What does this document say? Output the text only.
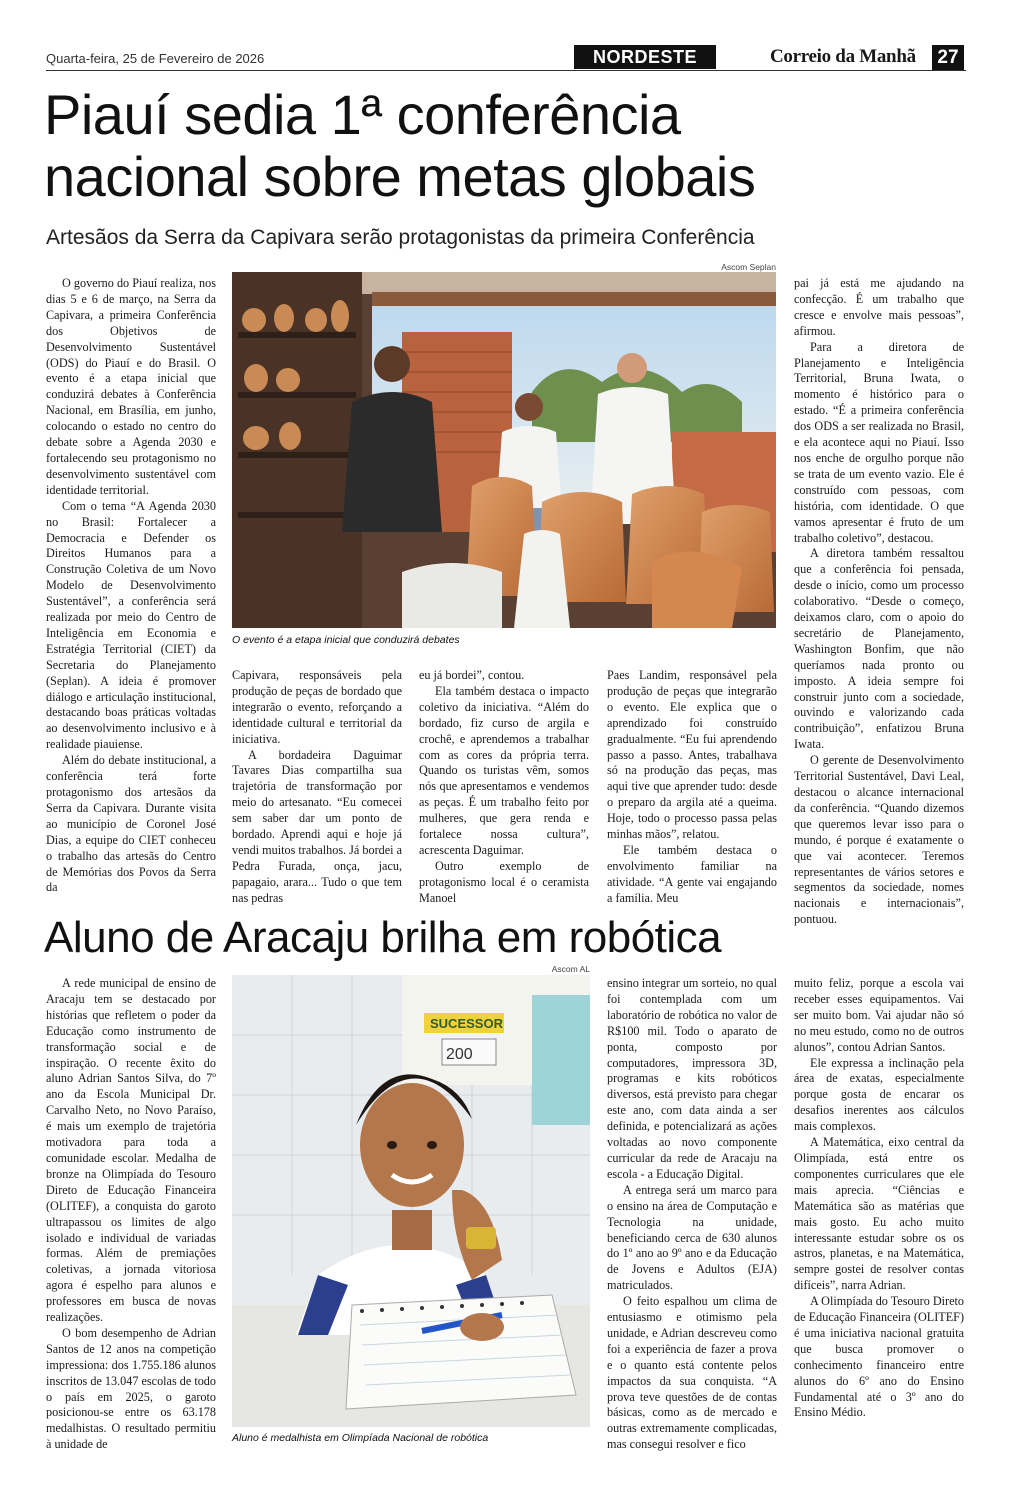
Quarta-feira, 25 de Fevereiro de 2026	NORDESTE	Correio da Manhã 27
Piauí sedia 1ª conferência
nacional sobre metas globais
Artesãos da Serra da Capivara serão protagonistas da primeira Conferência

O governo do Piauí realiza, nos dias 5 e 6 de março, na Serra da Capivara, a primeira Conferência dos Objetivos de Desenvolvimento Sustentável (ODS) do Piauí e do Brasil. O evento é a etapa inicial que conduzirá debates à Conferência Nacional, em Brasília, em junho, colocando o estado no centro do debate sobre a Agenda 2030 e fortalecendo seu protagonismo no desenvolvimento sustentável com identidade territorial.

Com o tema “A Agenda 2030 no Brasil: Fortalecer a Democracia e Defender os Direitos Humanos para a Construção Coletiva de um Novo Modelo de Desenvolvimento Sustentável”, a conferência será realizada por meio do Centro de Inteligência em Economia e Estratégia Territorial (CIET) da Secretaria do Planejamento (Seplan). A ideia é promover diálogo e articulação institucional, destacando boas práticas voltadas ao desenvolvimento inclusivo e à realidade piauiense.

Além do debate institucional, a conferência terá forte protagonismo dos artesãos da Serra da Capivara. Durante visita ao município de Coronel José Dias, a equipe do CIET conheceu o trabalho das artesãs do Centro de Memórias dos Povos da Serra da

Ascom Seplan
O evento é a etapa inicial que conduzirá debates

Capivara, responsáveis pela produção de peças de bordado que integrarão o evento, reforçando a identidade cultural e territorial da iniciativa.

A bordadeira Daguimar Tavares Dias compartilha sua trajetória de transformação por meio do artesanato. “Eu comecei sem saber dar um ponto de bordado. Aprendi aqui e hoje já vendi muitos trabalhos. Já bordei a Pedra Furada, onça, jacu, papagaio, arara... Tudo o que tem nas pedras

eu já bordei”, contou.

Ela também destaca o impacto coletivo da iniciativa. “Além do bordado, fiz curso de argila e crochê, e aprendemos a trabalhar com as cores da própria terra. Quando os turistas vêm, somos nós que apresentamos e vendemos as peças. É um trabalho feito por mulheres, que gera renda e fortalece nossa cultura”, acrescenta Daguimar.

Outro exemplo de protagonismo local é o ceramista Manoel

Paes Landim, responsável pela produção de peças que integrarão o evento. Ele explica que o aprendizado foi construído gradualmente. “Eu fui aprendendo passo a passo. Antes, trabalhava só na produção das peças, mas aqui tive que aprender tudo: desde o preparo da argila até a queima. Hoje, todo o processo passa pelas minhas mãos”, relatou.

Ele também destaca o envolvimento familiar na atividade. “A gente vai engajando a família. Meu

pai já está me ajudando na confecção. É um trabalho que cresce e envolve mais pessoas”, afirmou.

Para a diretora de Planejamento e Inteligência Territorial, Bruna Iwata, o momento é histórico para o estado. “É a primeira conferência dos ODS a ser realizada no Brasil, e ela acontece aqui no Piauí. Isso nos enche de orgulho porque não se trata de um evento vazio. Ele é construído com pessoas, com história, com identidade. O que vamos apresentar é fruto de um trabalho coletivo”, destacou.

A diretora também ressaltou que a conferência foi pensada, desde o início, como um processo colaborativo. “Desde o começo, deixamos claro, com o apoio do secretário de Planejamento, Washington Bonfim, que não queríamos nada pronto ou imposto. A ideia sempre foi construir junto com a sociedade, ouvindo e valorizando cada contribuição”, enfatizou Bruna Iwata.

O gerente de Desenvolvimento Territorial Sustentável, Davi Leal, destacou o alcance internacional da conferência. “Quando dizemos que queremos levar isso para o mundo, é porque é exatamente o que vai acontecer. Teremos representantes de vários setores e segmentos da sociedade, nomes nacionais e internacionais”, pontuou.

Aluno de Aracaju brilha em robótica

A rede municipal de ensino de Aracaju tem se destacado por histórias que refletem o poder da Educação como instrumento de transformação social e de inspiração. O recente êxito do aluno Adrian Santos Silva, do 7º ano da Escola Municipal Dr. Carvalho Neto, no Novo Paraíso, é mais um exemplo de trajetória motivadora para toda a comunidade escolar. Medalha de bronze na Olimpíada do Tesouro Direto de Educação Financeira (OLITEF), a conquista do garoto ultrapassou os limites de algo isolado e individual de variadas formas. Além de premiações coletivas, a jornada vitoriosa agora é espelho para alunos e professores em busca de novas realizações.

O bom desempenho de Adrian Santos de 12 anos na competição impressiona: dos 1.755.186 alunos inscritos de 13.047 escolas de todo o país em 2025, o garoto posicionou-se entre os 63.178 medalhistas. O resultado permitiu à unidade de

Ascom AL
SUCESSOR
200
Aluno é medalhista em Olimpíada Nacional de robótica

ensino integrar um sorteio, no qual foi contemplada com um laboratório de robótica no valor de R$100 mil. Todo o aparato de ponta, composto por computadores, impressora 3D, programas e kits robóticos diversos, está previsto para chegar este ano, com data ainda a ser definida, e potencializará as ações voltadas ao novo componente curricular da rede de Aracaju na escola - a Educação Digital.

A entrega será um marco para o ensino na área de Computação e Tecnologia na unidade, beneficiando cerca de 630 alunos do 1º ano ao 9º ano e da Educação de Jovens e Adultos (EJA) matriculados.

O feito espalhou um clima de entusiasmo e otimismo pela unidade, e Adrian descreveu como foi a experiência de fazer a prova e o quanto está contente pelos impactos da sua conquista. “A prova teve questões de de contas básicas, como as de mercado e outras extremamente complicadas, mas consegui resolver e fico

muito feliz, porque a escola vai receber esses equipamentos. Vai ser muito bom. Vai ajudar não só no meu estudo, como no de outros alunos”, contou Adrian Santos.

Ele expressa a inclinação pela área de exatas, especialmente porque gosta de encarar os desafios inerentes aos cálculos mais complexos.

A Matemática, eixo central da Olimpíada, está entre os componentes curriculares que ele mais aprecia. “Ciências e Matemática são as matérias que mais gosto. Eu acho muito interessante estudar sobre os os astros, planetas, e na Matemática, sempre gostei de resolver contas difíceis”, narra Adrian.

A Olimpíada do Tesouro Direto de Educação Financeira (OLITEF) é uma iniciativa nacional gratuita que busca promover o conhecimento financeiro entre alunos do 6º ano do Ensino Fundamental até o 3º ano do Ensino Médio.
